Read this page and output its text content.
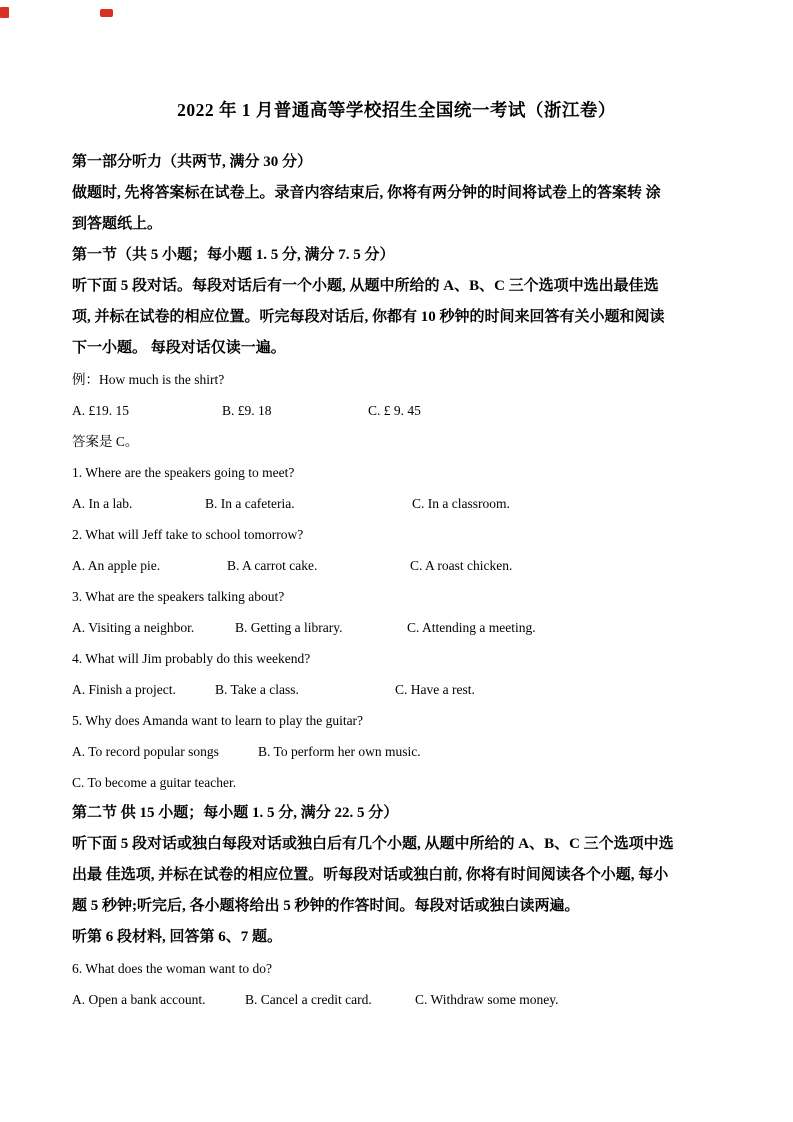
2022 年 1 月普通高等学校招生全国统一考试（浙江卷）
第一部分听力（共两节, 满分 30 分）
做题时, 先将答案标在试卷上。录音内容结束后, 你将有两分钟的时间将试卷上的答案转 涂
到答题纸上。
第一节（共 5 小题；每小题 1. 5 分, 满分 7. 5 分）
听下面 5 段对话。每段对话后有一个小题, 从题中所给的 A、B、C 三个选项中选出最佳选
项, 并标在试卷的相应位置。听完每段对话后, 你都有 10 秒钟的时间来回答有关小题和阅读
下一小题。 每段对话仅读一遍。
例：How much is the shirt?
A. £19. 15	B. £9. 18	C. £ 9. 45
答案是 C。
1. Where are the speakers going to meet?
A. In a lab.	B. In a cafeteria.	C. In a classroom.
2. What will Jeff take to school tomorrow?
A. An apple pie.	B. A carrot cake.	C. A roast chicken.
3. What are the speakers talking about?
A. Visiting a neighbor.	B. Getting a library.	C. Attending a meeting.
4. What will Jim probably do this weekend?
A. Finish a project.	B. Take a class.	C. Have a rest.
5. Why does Amanda want to learn to play the guitar?
A. To record popular songs	B. To perform her own music.
C. To become a guitar teacher.
第二节 供 15 小题；每小题 1. 5 分, 满分 22. 5 分）
听下面 5 段对话或独白每段对话或独白后有几个小题, 从题中所给的 A、B、C 三个选项中选
出最 佳选项, 并标在试卷的相应位置。听每段对话或独白前, 你将有时间阅读各个小题, 每小
题 5 秒钟;听完后, 各小题将给出 5 秒钟的作答时间。每段对话或独白读两遍。
听第 6 段材料, 回答第 6、7 题。
6. What does the woman want to do?
A. Open a bank account.	B. Cancel a credit card.	C. Withdraw some money.
